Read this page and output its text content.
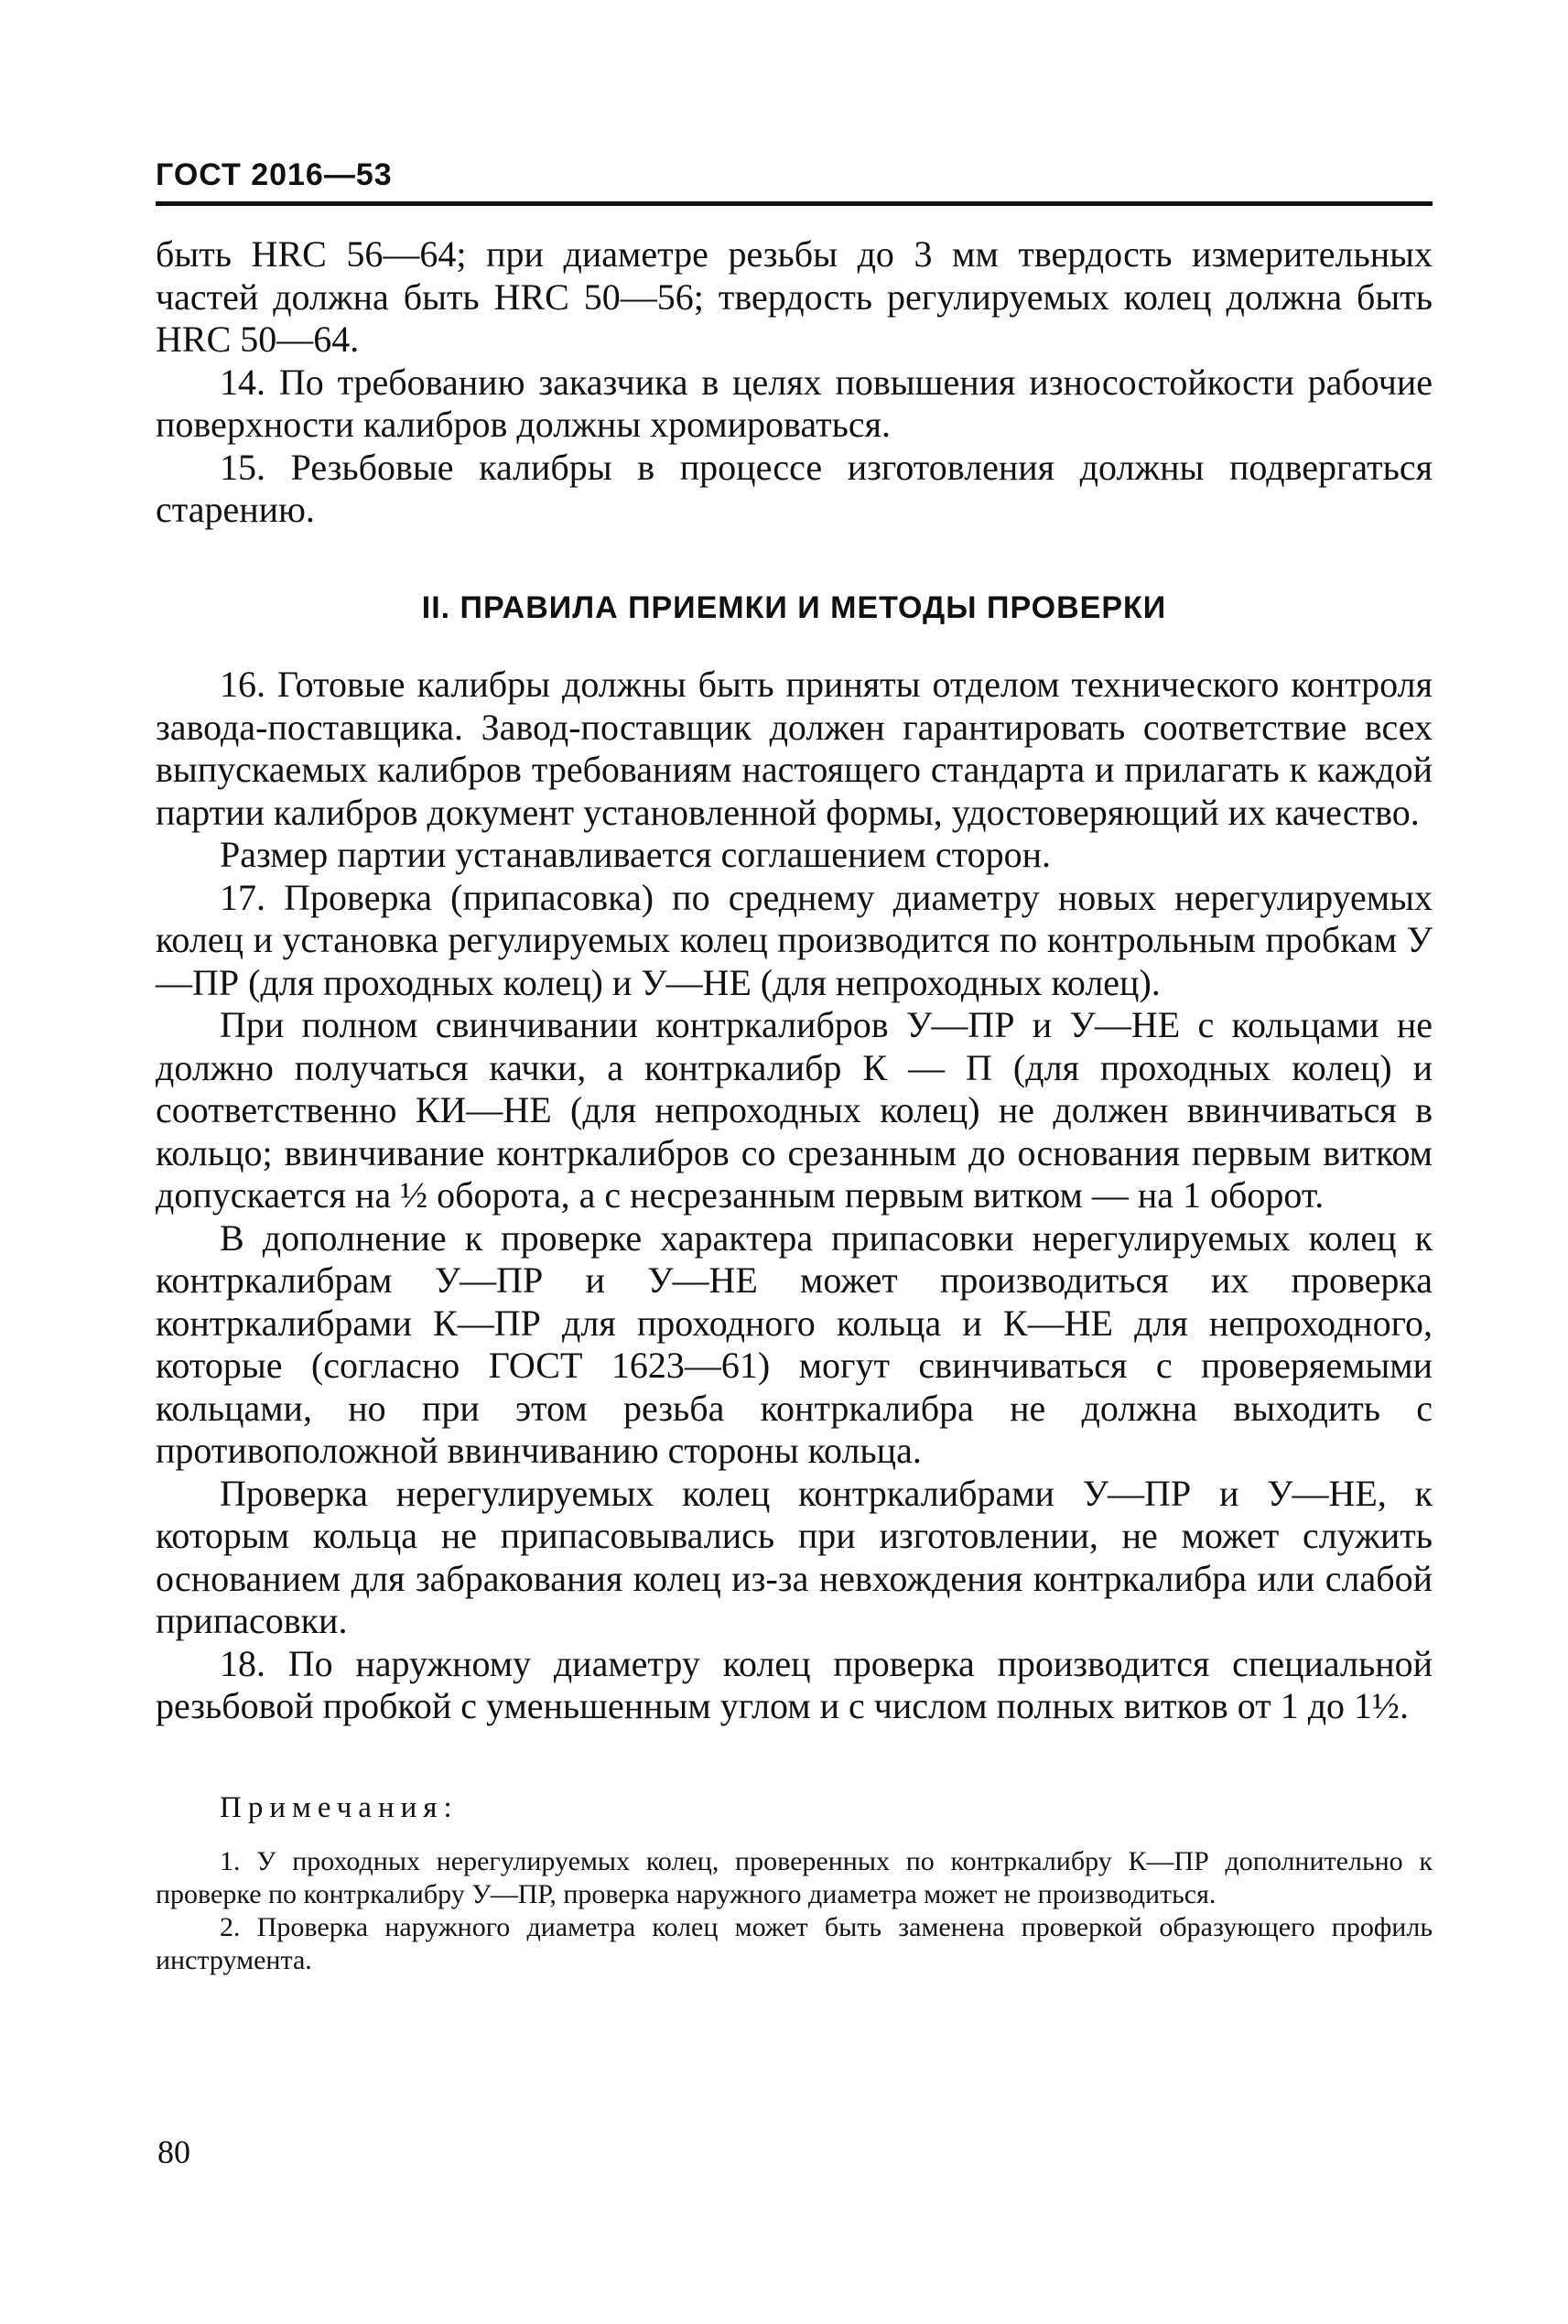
ГОСТ 2016—53

быть HRC 56—64; при диаметре резьбы до 3 мм твердость измерительных частей должна быть HRC 50—56; твердость регулируемых колец должна быть HRC 50—64.

14. По требованию заказчика в целях повышения износостойкости рабочие поверхности калибров должны хромироваться.

15. Резьбовые калибры в процессе изготовления должны подвергаться старению.

II. ПРАВИЛА ПРИЕМКИ И МЕТОДЫ ПРОВЕРКИ

16. Готовые калибры должны быть приняты отделом технического контроля завода-поставщика. Завод-поставщик должен гарантировать соответствие всех выпускаемых калибров требованиям настоящего стандарта и прилагать к каждой партии калибров документ установленной формы, удостоверяющий их качество.

Размер партии устанавливается соглашением сторон.

17. Проверка (припасовка) по среднему диаметру новых нерегулируемых колец и установка регулируемых колец производится по контрольным пробкам У—ПР (для проходных колец) и У—НЕ (для непроходных колец).

При полном свинчивании контркалибров У—ПР и У—НЕ с кольцами не должно получаться качки, а контркалибр К — П (для проходных колец) и соответственно КИ—НЕ (для непроходных колец) не должен ввинчиваться в кольцо; ввинчивание контркалибров со срезанным до основания первым витком допускается на ½ оборота, а с несрезанным первым витком — на 1 оборот.

В дополнение к проверке характера припасовки нерегулируемых колец к контркалибрам У—ПР и У—НЕ может производиться их проверка контркалибрами К—ПР для проходного кольца и К—НЕ для непроходного, которые (согласно ГОСТ 1623—61) могут свинчиваться с проверяемыми кольцами, но при этом резьба контркалибра не должна выходить с противоположной ввинчиванию стороны кольца.

Проверка нерегулируемых колец контркалибрами У—ПР и У—НЕ, к которым кольца не припасовывались при изготовлении, не может служить основанием для забракования колец из-за невхождения контркалибра или слабой припасовки.

18. По наружному диаметру колец проверка производится специальной резьбовой пробкой с уменьшенным углом и с числом полных витков от 1 до 1½.

Примечания:

1. У проходных нерегулируемых колец, проверенных по контркалибру К—ПР дополнительно к проверке по контркалибру У—ПР, проверка наружного диаметра может не производиться.

2. Проверка наружного диаметра колец может быть заменена проверкой образующего профиль инструмента.

80
